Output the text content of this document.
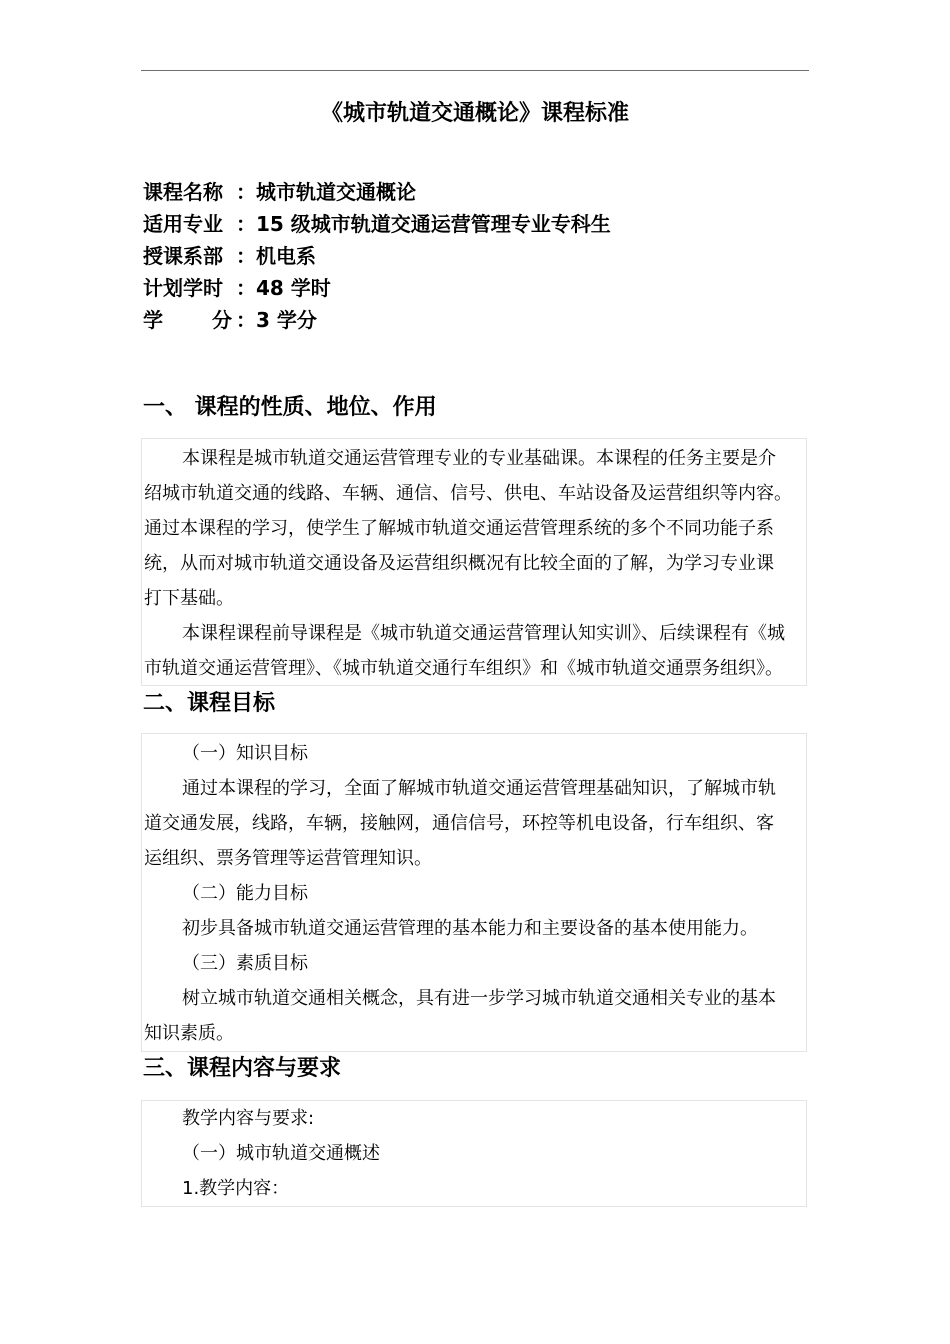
《城市轨道交通概论》课程标准
课程名称 ：城市轨道交通概论
适用专业 ：15 级城市轨道交通运营管理专业专科生
授课系部 ：机电系
计划学时 ：48 学时
学 分 ：3 学分
一、 课程的性质、地位、作用

本课程是城市轨道交通运营管理专业的专业基础课。本课程的任务主要是介

绍城市轨道交通的线路、车辆、通信、信号、供电、车站设备及运营组织等内容。

通过本课程的学习，使学生了解城市轨道交通运营管理系统的多个不同功能子系

统，从而对城市轨道交通设备及运营组织概况有比较全面的了解，为学习专业课

打下基础。

本课程课程前导课程是《城市轨道交通运营管理认知实训》、后续课程有《城

市轨道交通运营管理》、《城市轨道交通行车组织》和《城市轨道交通票务组织》。

二、课程目标

（一）知识目标

通过本课程的学习，全面了解城市轨道交通运营管理基础知识，了解城市轨

道交通发展，线路，车辆，接触网，通信信号，环控等机电设备，行车组织、客

运组织、票务管理等运营管理知识。

（二）能力目标

初步具备城市轨道交通运营管理的基本能力和主要设备的基本使用能力。

（三）素质目标

树立城市轨道交通相关概念，具有进一步学习城市轨道交通相关专业的基本

知识素质。

三、课程内容与要求

教学内容与要求:

（一）城市轨道交通概述

1.教学内容：
